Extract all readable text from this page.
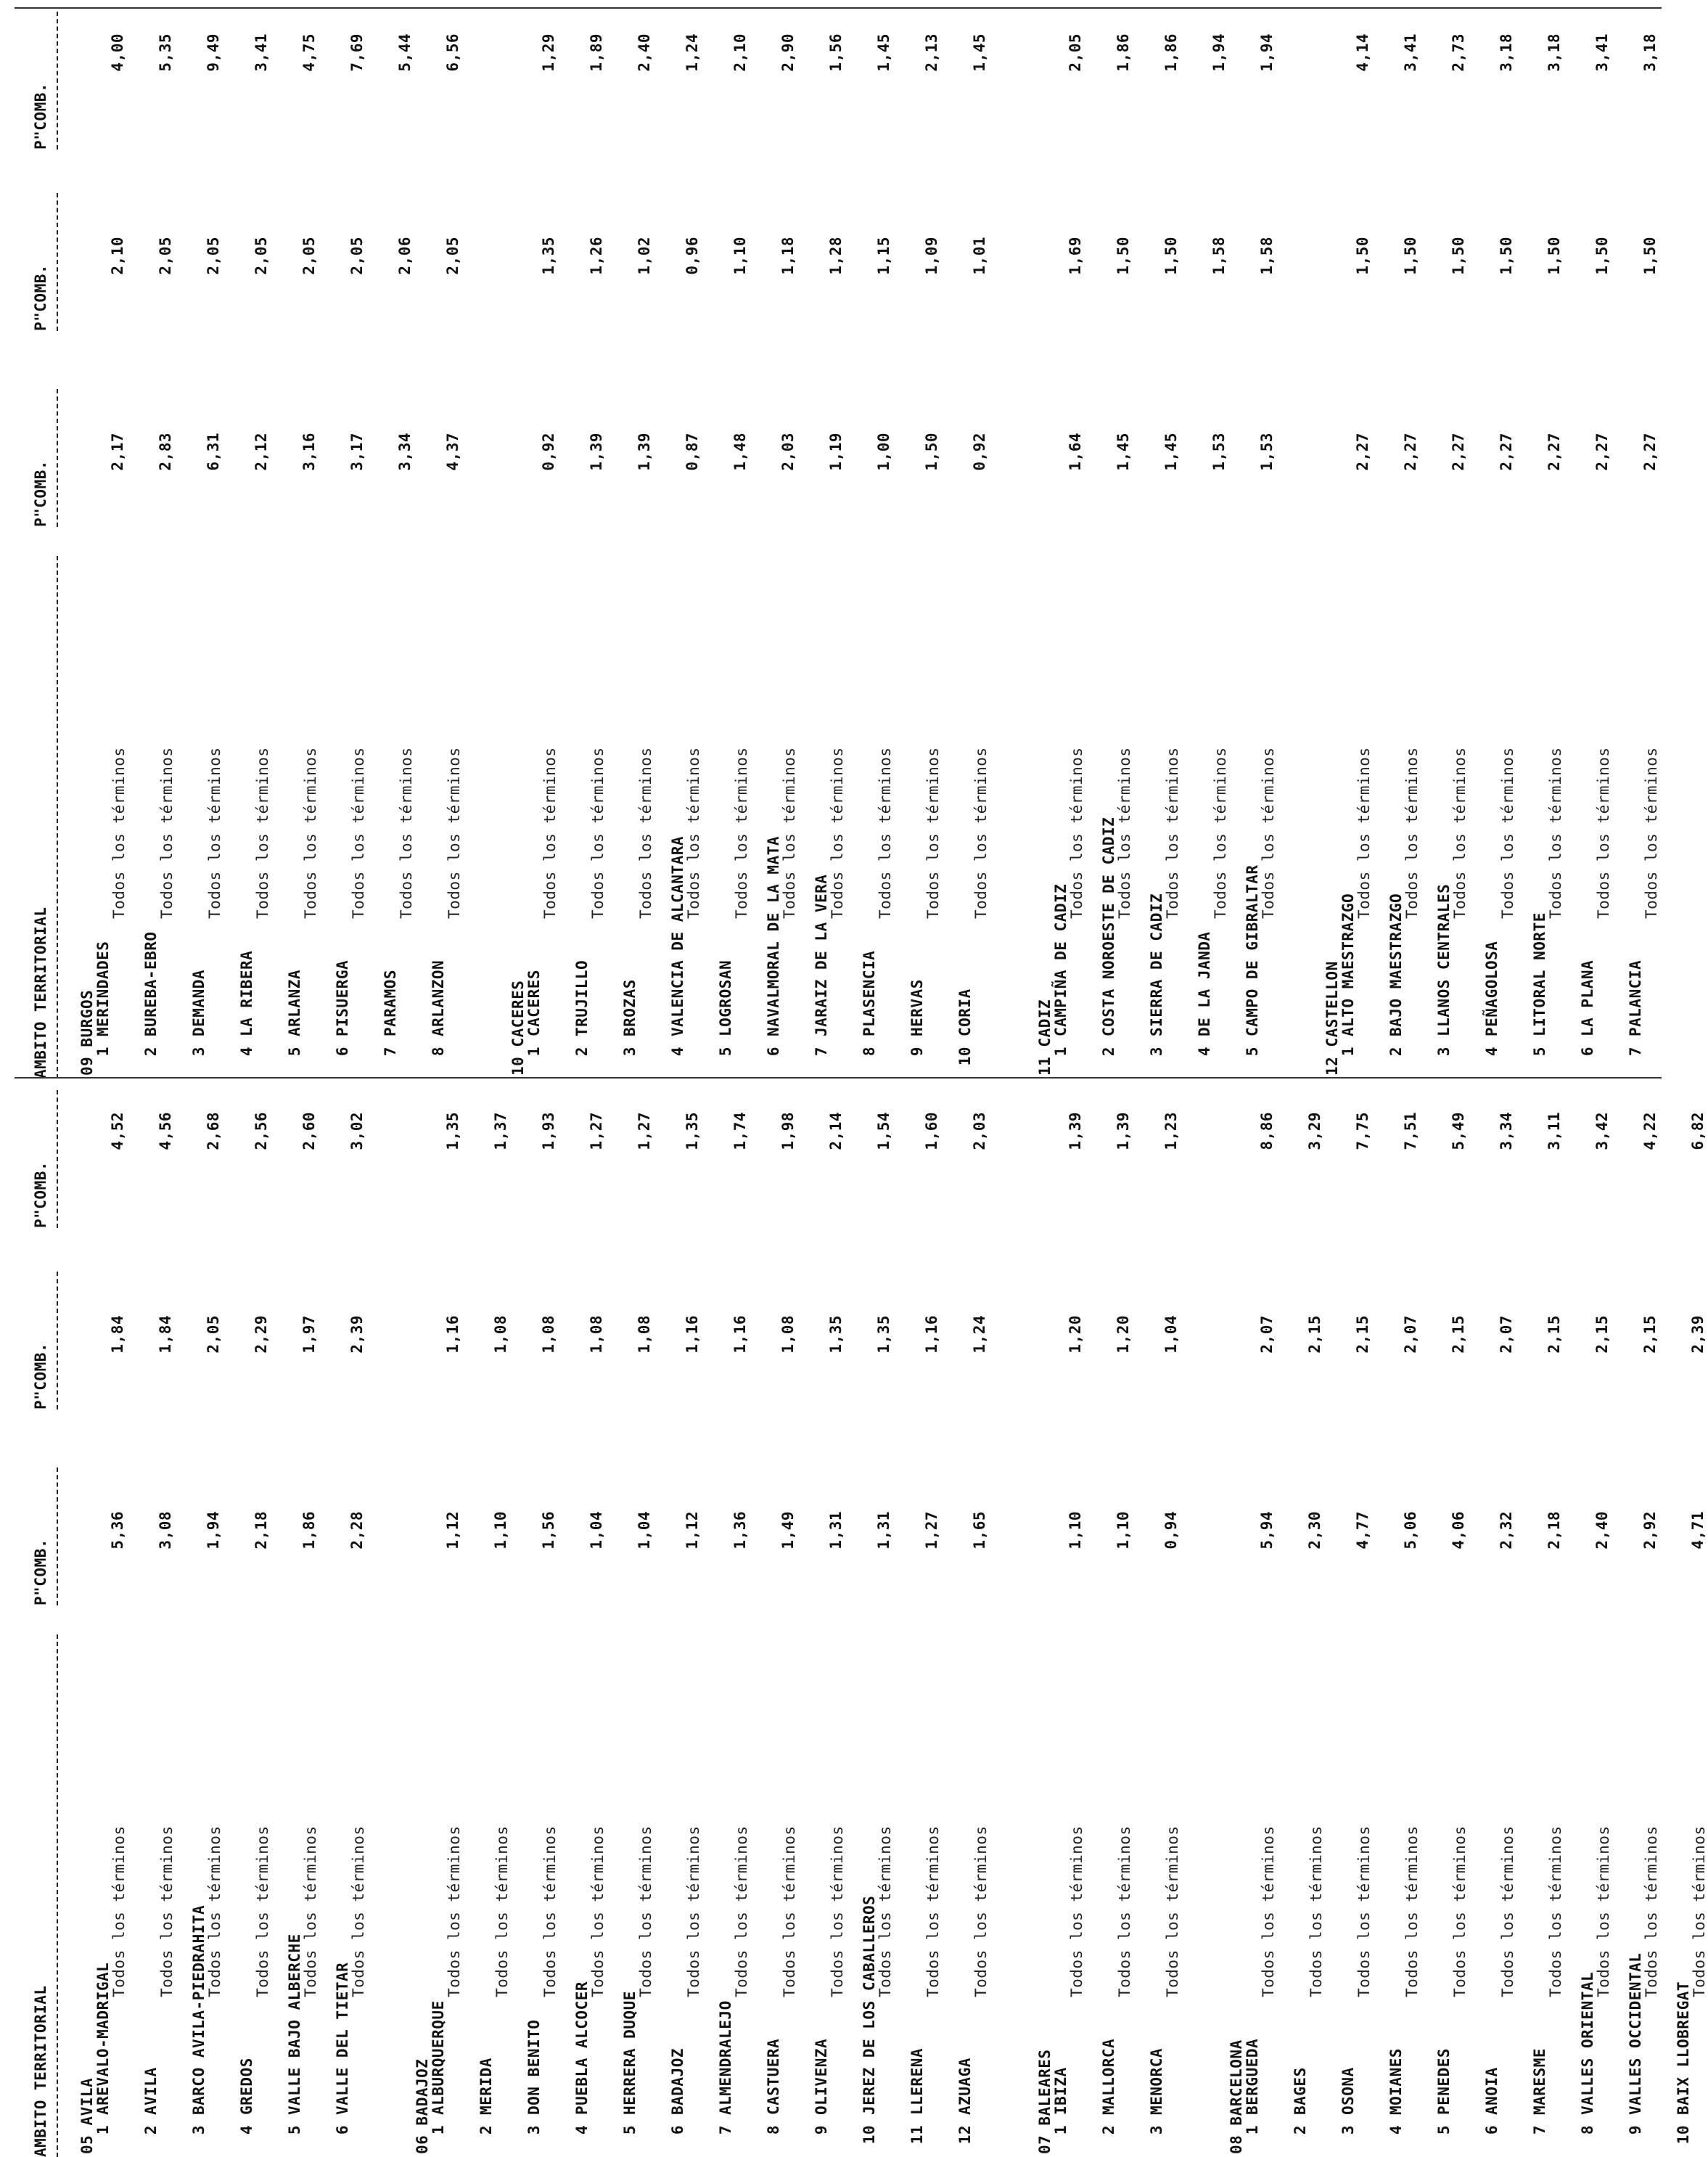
AMBITO TERRITORIAL
P"COMB.
P"COMB.
P"COMB.
05 AVILA
1AREVALO-MADRIGAL
Todos los términos
5,36
1,84
4,52
2AVILA
Todos los términos
3,08
1,84
4,56
3BARCO AVILA-PIEDRAHITA
Todos los términos
1,94
2,05
2,68
4GREDOS
Todos los términos
2,18
2,29
2,56
5VALLE BAJO ALBERCHE
Todos los términos
1,86
1,97
2,60
6VALLE DEL TIETAR
Todos los términos
2,28
2,39
3,02
06 BADAJOZ
1ALBURQUERQUE
Todos los términos
1,12
1,16
1,35
2MERIDA
Todos los términos
1,10
1,08
1,37
3DON BENITO
Todos los términos
1,56
1,08
1,93
4PUEBLA ALCOCER
Todos los términos
1,04
1,08
1,27
5HERRERA DUQUE
Todos los términos
1,04
1,08
1,27
6BADAJOZ
Todos los términos
1,12
1,16
1,35
7ALMENDRALEJO
Todos los términos
1,36
1,16
1,74
8CASTUERA
Todos los términos
1,49
1,08
1,98
9OLIVENZA
Todos los términos
1,31
1,35
2,14
10JEREZ DE LOS CABALLEROS
Todos los términos
1,31
1,35
1,54
11LLERENA
Todos los términos
1,27
1,16
1,60
12AZUAGA
Todos los términos
1,65
1,24
2,03
07 BALEARES
1IBIZA
Todos los términos
1,10
1,20
1,39
2MALLORCA
Todos los términos
1,10
1,20
1,39
3MENORCA
Todos los términos
0,94
1,04
1,23
08 BARCELONA
1BERGUEDA
Todos los términos
5,94
2,07
8,86
2BAGES
Todos los términos
2,30
2,15
3,29
3OSONA
Todos los términos
4,77
2,15
7,75
4MOIANES
Todos los términos
5,06
2,07
7,51
5PENEDES
Todos los términos
4,06
2,15
5,49
6ANOIA
Todos los términos
2,32
2,07
3,34
7MARESME
Todos los términos
2,18
2,15
3,11
8VALLES ORIENTAL
Todos los términos
2,40
2,15
3,42
9VALLES OCCIDENTAL
Todos los términos
2,92
2,15
4,22
10BAIX LLOBREGAT
Todos los términos
4,71
2,39
6,82
AMBITO TERRITORIAL
P"COMB.
P"COMB.
P"COMB.
09 BURGOS
1MERINDADES
Todos los términos
2,17
2,10
4,00
2BUREBA-EBRO
Todos los términos
2,83
2,05
5,35
3DEMANDA
Todos los términos
6,31
2,05
9,49
4LA RIBERA
Todos los términos
2,12
2,05
3,41
5ARLANZA
Todos los términos
3,16
2,05
4,75
6PISUERGA
Todos los términos
3,17
2,05
7,69
7PARAMOS
Todos los términos
3,34
2,06
5,44
8ARLANZON
Todos los términos
4,37
2,05
6,56
10 CACERES
1CACERES
Todos los términos
0,92
1,35
1,29
2TRUJILLO
Todos los términos
1,39
1,26
1,89
3BROZAS
Todos los términos
1,39
1,02
2,40
4VALENCIA DE ALCANTARA
Todos los términos
0,87
0,96
1,24
5LOGROSAN
Todos los términos
1,48
1,10
2,10
6NAVALMORAL DE LA MATA
Todos los términos
2,03
1,18
2,90
7JARAIZ DE LA VERA
Todos los términos
1,19
1,28
1,56
8PLASENCIA
Todos los términos
1,00
1,15
1,45
9HERVAS
Todos los términos
1,50
1,09
2,13
10CORIA
Todos los términos
0,92
1,01
1,45
11 CADIZ
1CAMPIÑA DE CADIZ
Todos los términos
1,64
1,69
2,05
2COSTA NOROESTE DE CADIZ
Todos los términos
1,45
1,50
1,86
3SIERRA DE CADIZ
Todos los términos
1,45
1,50
1,86
4DE LA JANDA
Todos los términos
1,53
1,58
1,94
5CAMPO DE GIBRALTAR
Todos los términos
1,53
1,58
1,94
12 CASTELLON
1ALTO MAESTRAZGO
Todos los términos
2,27
1,50
4,14
2BAJO MAESTRAZGO
Todos los términos
2,27
1,50
3,41
3LLANOS CENTRALES
Todos los términos
2,27
1,50
2,73
4PEÑAGOLOSA
Todos los términos
2,27
1,50
3,18
5LITORAL NORTE
Todos los términos
2,27
1,50
3,18
6LA PLANA
Todos los términos
2,27
1,50
3,41
7PALANCIA
Todos los términos
2,27
1,50
3,18
